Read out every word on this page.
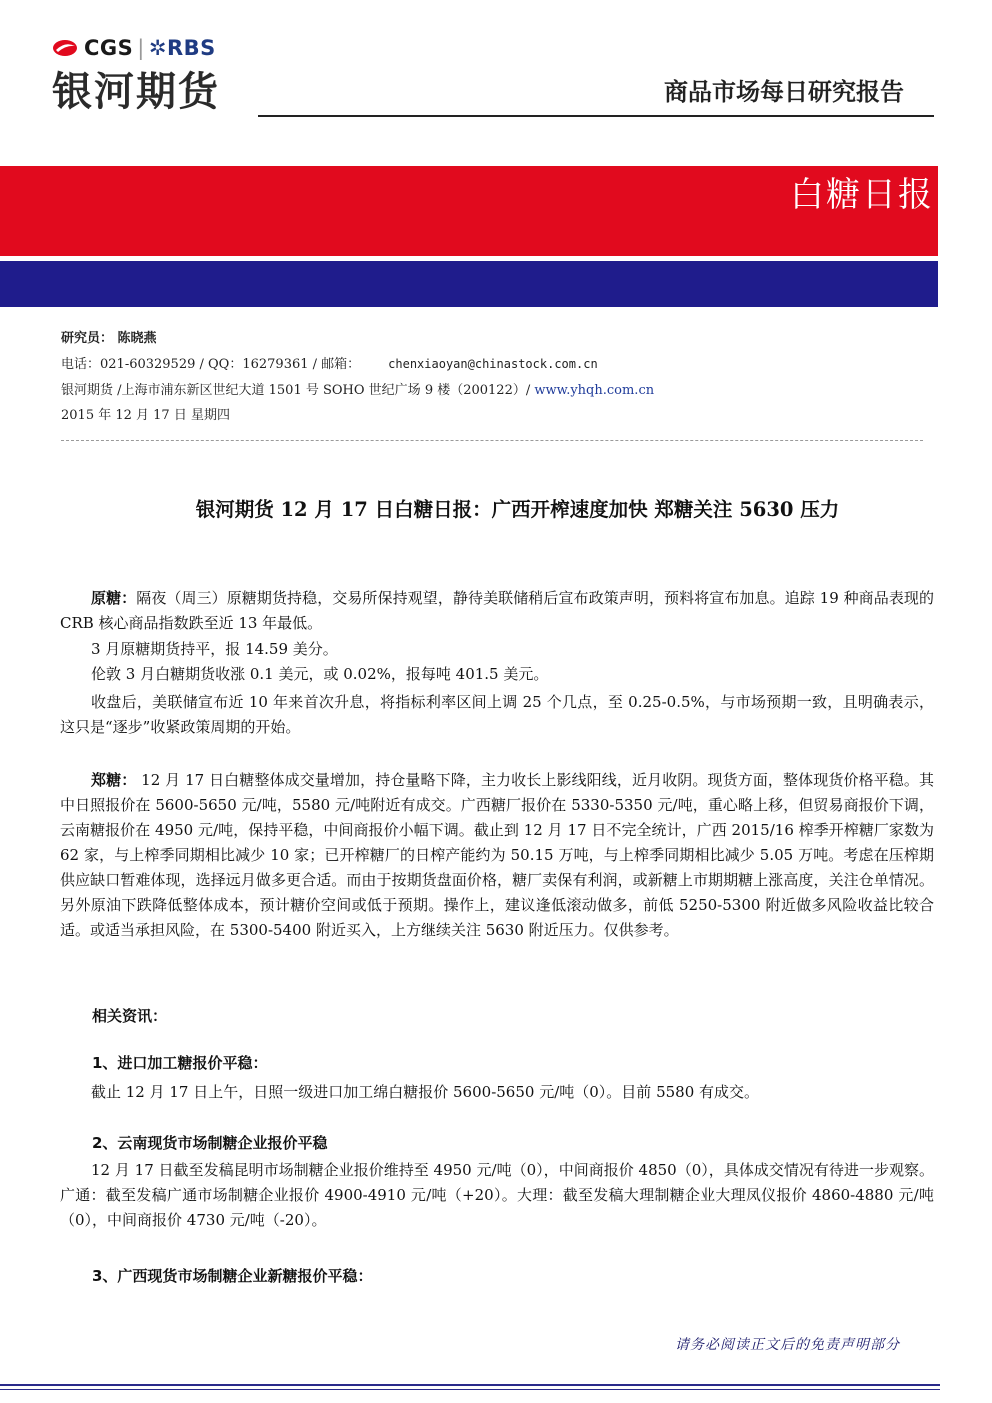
CGS | ✲RBS
银河期货	商品市场每日研究报告
白糖日报
研究员： 陈晓燕
电话：021-60329529 / QQ：16279361 / 邮箱： chenxiaoyan@chinastock.com.cn
银河期货 /上海市浦东新区世纪大道 1501 号 SOHO 世纪广场 9 楼（200122）/ www.yhqh.com.cn
2015 年 12 月 17 日 星期四
银河期货 12 月 17 日白糖日报：广西开榨速度加快 郑糖关注 5630 压力
原糖：隔夜（周三）原糖期货持稳，交易所保持观望，静待美联储稍后宣布政策声明，预料将宣布加息。追踪 19 种商品表现的 CRB 核心商品指数跌至近 13 年最低。
3 月原糖期货持平，报 14.59 美分。
伦敦 3 月白糖期货收涨 0.1 美元，或 0.02%，报每吨 401.5 美元。
收盘后，美联储宣布近 10 年来首次升息，将指标利率区间上调 25 个几点，至 0.25-0.5%，与市场预期一致，且明确表示，这只是“逐步”收紧政策周期的开始。
郑糖： 12 月 17 日白糖整体成交量增加，持仓量略下降，主力收长上影线阳线，近月收阴。现货方面，整体现货价格平稳。其中日照报价在 5600-5650 元/吨，5580 元/吨附近有成交。广西糖厂报价在 5330-5350 元/吨，重心略上移，但贸易商报价下调，云南糖报价在 4950 元/吨，保持平稳，中间商报价小幅下调。截止到 12 月 17 日不完全统计，广西 2015/16 榨季开榨糖厂家数为 62 家，与上榨季同期相比减少 10 家；已开榨糖厂的日榨产能约为 50.15 万吨，与上榨季同期相比减少 5.05 万吨。考虑在压榨期供应缺口暂难体现，选择远月做多更合适。而由于按期货盘面价格，糖厂卖保有利润，或新糖上市期期糖上涨高度，关注仓单情况。另外原油下跌降低整体成本，预计糖价空间或低于预期。操作上，建议逢低滚动做多，前低 5250-5300 附近做多风险收益比较合适。或适当承担风险，在 5300-5400 附近买入，上方继续关注 5630 附近压力。仅供参考。
相关资讯：
1、进口加工糖报价平稳：
截止 12 月 17 日上午，日照一级进口加工绵白糖报价 5600-5650 元/吨（0）。目前 5580 有成交。
2、云南现货市场制糖企业报价平稳
12 月 17 日截至发稿昆明市场制糖企业报价维持至 4950 元/吨（0），中间商报价 4850（0），具体成交情况有待进一步观察。广通：截至发稿广通市场制糖企业报价 4900-4910 元/吨（+20）。大理：截至发稿大理制糖企业大理凤仪报价 4860-4880 元/吨（0），中间商报价 4730 元/吨（-20）。
3、广西现货市场制糖企业新糖报价平稳：
请务必阅读正文后的免责声明部分
